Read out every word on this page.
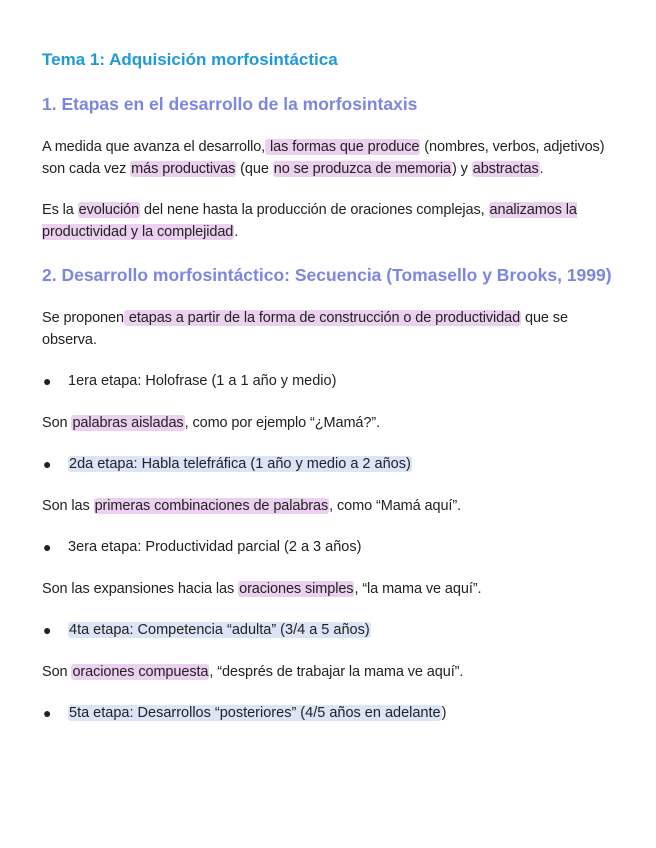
Tema 1: Adquisición morfosintáctica
1. Etapas en el desarrollo de la morfosintaxis

A medida que avanza el desarrollo, las formas que produce (nombres, verbos, adjetivos) son cada vez más productivas (que no se produzca de memoria) y abstractas.

Es la evolución del nene hasta la producción de oraciones complejas, analizamos la productividad y la complejidad.

2. Desarrollo morfosintáctico: Secuencia (Tomasello y Brooks, 1999)

Se proponen etapas a partir de la forma de construcción o de productividad que se observa.

● 1era etapa: Holofrase (1 a 1 año y medio)

Son palabras aisladas, como por ejemplo “¿Mamá?”.

● 2da etapa: Habla telefráfica (1 año y medio a 2 años)

Son las primeras combinaciones de palabras, como “Mamá aquí”.

● 3era etapa: Productividad parcial (2 a 3 años)

Son las expansiones hacia las oraciones simples, “la mama ve aquí”.

● 4ta etapa: Competencia “adulta” (3/4 a 5 años)

Son oraciones compuesta, “després de trabajar la mama ve aquí”.

● 5ta etapa: Desarrollos “posteriores” (4/5 años en adelante)
